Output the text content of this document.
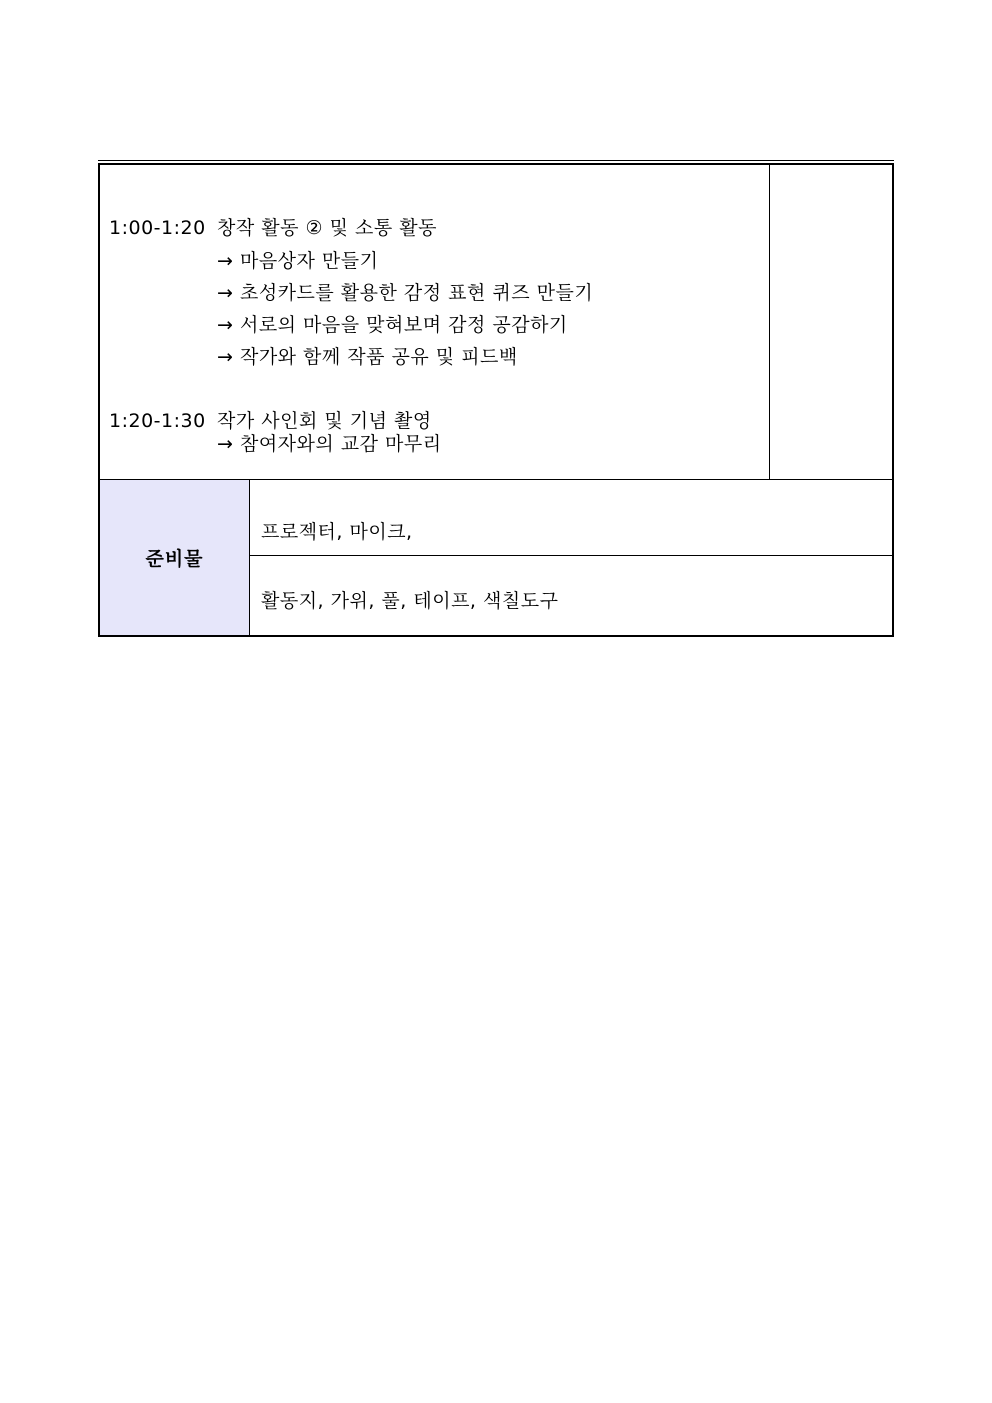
1:00-1:20 창작 활동 ② 및 소통 활동
→ 마음상자 만들기
→ 초성카드를 활용한 감정 표현 퀴즈 만들기
→ 서로의 마음을 맞혀보며 감정 공감하기
→ 작가와 함께 작품 공유 및 피드백
1:20-1:30 작가 사인회 및 기념 촬영
→ 참여자와의 교감 마무리
준비물
프로젝터, 마이크,
활동지, 가위, 풀, 테이프, 색칠도구
